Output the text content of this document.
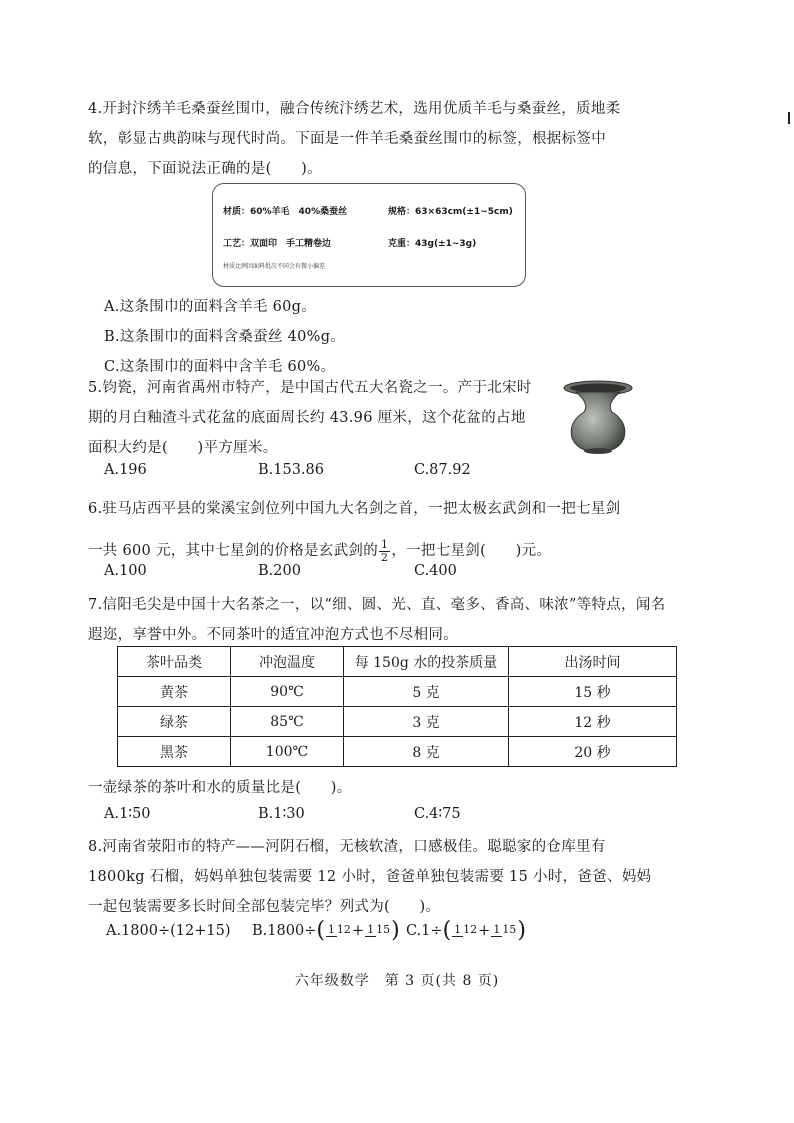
4.开封汴绣羊毛桑蚕丝围巾，融合传统汴绣艺术，选用优质羊毛与桑蚕丝，质地柔
软，彰显古典韵味与现代时尚。下面是一件羊毛桑蚕丝围巾的标签，根据标签中
的信息，下面说法正确的是(　　)。
材质：60%羊毛　40%桑蚕丝	规格：63×63cm(±1~5cm)
工艺：双面印　手工精卷边	克重：43g(±1~3g)
材质比例因面料批次不同会有微小偏差
A.这条围巾的面料含羊毛 60g。
B.这条围巾的面料含桑蚕丝 40%g。
C.这条围巾的面料中含羊毛 60%。
5.钧瓷，河南省禹州市特产，是中国古代五大名瓷之一。产于北宋时
期的月白釉渣斗式花盆的底面周长约 43.96 厘米，这个花盆的占地
面积大约是(　　)平方厘米。
A.196	B.153.86	C.87.92
6.驻马店西平县的棠溪宝剑位列中国九大名剑之首，一把太极玄武剑和一把七星剑
一共 600 元，其中七星剑的价格是玄武剑的 $\frac{1}{2}$ ，一把七星剑(　　)元。
A.100	B.200	C.400
7.信阳毛尖是中国十大名茶之一，以“细、圆、光、直、毫多、香高、味浓”等特点，闻名
遐迩，享誉中外。不同茶叶的适宜冲泡方式也不尽相同。
茶叶品类	冲泡温度	每 150g 水的投茶质量	出汤时间
黄茶	90℃	5 克	15 秒
绿茶	85℃	3 克	12 秒
黑茶	100℃	8 克	20 秒
一壶绿茶的茶叶和水的质量比是(　　)。
A.1∶50	B.1∶30	C.4∶75
8.河南省荥阳市的特产——河阴石榴，无核软渣，口感极佳。聪聪家的仓库里有
1800kg 石榴，妈妈单独包装需要 12 小时，爸爸单独包装需要 15 小时，爸爸、妈妈
一起包装需要多长时间全部包装完毕？列式为(　　)。
A.1800÷(12+15)	B.1800÷( 1 12+ 1 15) C.1÷( 1 12+ 1 15)
六年级数学　第 3 页(共 8 页)
